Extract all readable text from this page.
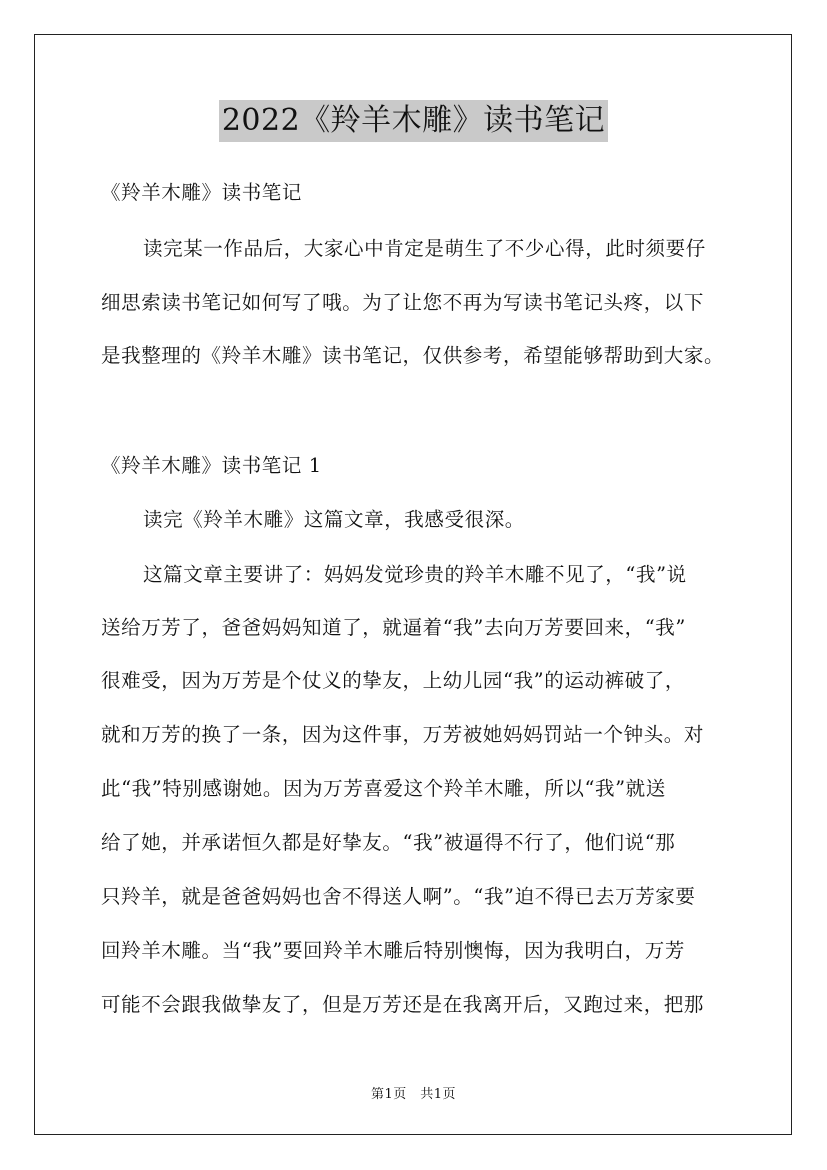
2022《羚羊木雕》读书笔记
《羚羊木雕》读书笔记
读完某一作品后，大家心中肯定是萌生了不少心得，此时须要仔
细思索读书笔记如何写了哦。为了让您不再为写读书笔记头疼，以下
是我整理的《羚羊木雕》读书笔记，仅供参考，希望能够帮助到大家。
《羚羊木雕》读书笔记 1
读完《羚羊木雕》这篇文章，我感受很深。
这篇文章主要讲了：妈妈发觉珍贵的羚羊木雕不见了，“我”说
送给万芳了，爸爸妈妈知道了，就逼着“我”去向万芳要回来，“我”
很难受，因为万芳是个仗义的挚友，上幼儿园“我”的运动裤破了，
就和万芳的换了一条，因为这件事，万芳被她妈妈罚站一个钟头。对
此“我”特别感谢她。因为万芳喜爱这个羚羊木雕，所以“我”就送
给了她，并承诺恒久都是好挚友。“我”被逼得不行了，他们说“那
只羚羊，就是爸爸妈妈也舍不得送人啊”。“我”迫不得已去万芳家要
回羚羊木雕。当“我”要回羚羊木雕后特别懊悔，因为我明白，万芳
可能不会跟我做挚友了，但是万芳还是在我离开后，又跑过来，把那
第1页　共1页
